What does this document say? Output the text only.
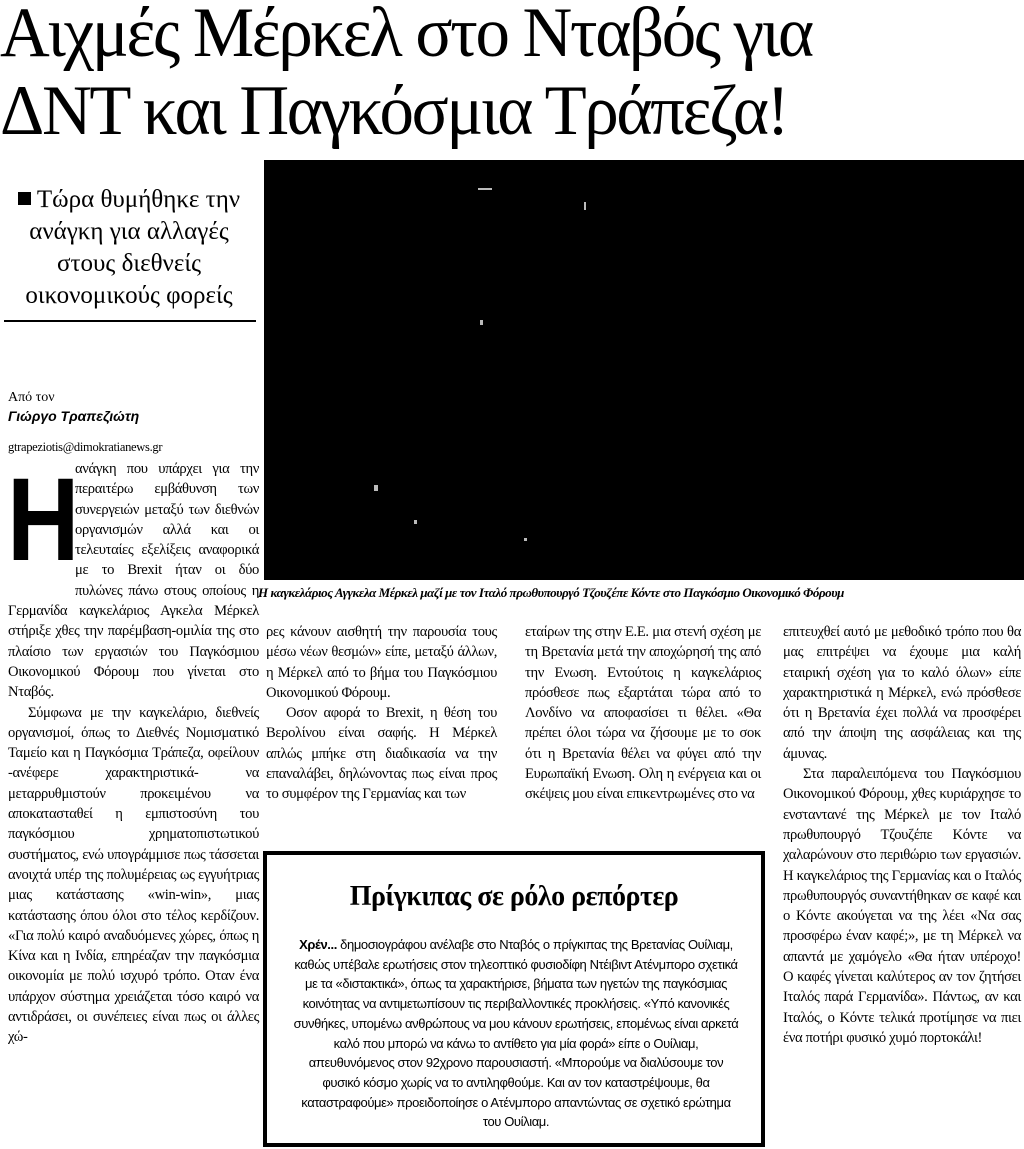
Αιχμές Μέρκελ στο Νταβός για
ΔΝΤ και Παγκόσμια Τράπεζα!
Τώρα θυμήθηκε την
ανάγκη για αλλαγές
στους διεθνείς
οικονομικούς φορείς
Από τον
Γιώργο Τραπεζιώτη
gtrapeziotis@dimokratianews.gr
Η καγκελάριος Αγγκελα Μέρκελ μαζί με τον Ιταλό πρωθυπουργό Τζουζέπε Κόντε στο Παγκόσμιο Οικονομικό Φόρουμ
Η

ανάγκη που υπάρχει για την περαιτέρω εμβάθυνση των συνεργειών μεταξύ των διεθνών οργανισμών αλλά και οι τελευταίες εξελίξεις αναφορικά με το Brexit ήταν οι δύο πυλώνες πάνω στους οποίους η Γερμανίδα καγκελάριος Αγκελα Μέρκελ στήριξε χθες την παρέμβαση-ομιλία της στο πλαίσιο των εργασιών του Παγκόσμιου Οικονομικού Φόρουμ που γίνεται στο Νταβός.

Σύμφωνα με την καγκελάριο, διεθνείς οργανισμοί, όπως το Διεθνές Νομισματικό Ταμείο και η Παγκόσμια Τράπεζα, οφείλουν -ανέφερε χαρακτηριστικά- να μεταρρυθμιστούν προκειμένου να αποκατασταθεί η εμπιστοσύνη του παγκόσμιου χρηματοπιστωτικού συστήματος, ενώ υπογράμμισε πως τάσσεται ανοιχτά υπέρ της πολυμέρειας ως εγγυήτριας μιας κατάστασης «win-win», μιας κατάστασης όπου όλοι στο τέλος κερδίζουν. «Για πολύ καιρό αναδυόμενες χώρες, όπως η Κίνα και η Ινδία, επηρέαζαν την παγκόσμια οικονομία με πολύ ισχυρό τρόπο. Οταν ένα υπάρχον σύστημα χρειάζεται τόσο καιρό να αντιδράσει, οι συνέπειες είναι πως οι άλλες χώ-

ρες κάνουν αισθητή την παρουσία τους μέσω νέων θεσμών» είπε, μεταξύ άλλων, η Μέρκελ από το βήμα του Παγκόσμιου Οικονομικού Φόρουμ.

Οσον αφορά το Brexit, η θέση του Βερολίνου είναι σαφής. Η Μέρκελ απλώς μπήκε στη διαδικασία να την επαναλάβει, δηλώνοντας πως είναι προς το συμφέρον της Γερμανίας και των

εταίρων της στην Ε.Ε. μια στενή σχέση με τη Βρετανία μετά την αποχώρησή της από την Ενωση. Εντούτοις η καγκελάριος πρόσθεσε πως εξαρτάται τώρα από το Λονδίνο να αποφασίσει τι θέλει. «Θα πρέπει όλοι τώρα να ζήσουμε με το σοκ ότι η Βρετανία θέλει να φύγει από την Ευρωπαϊκή Ενωση. Ολη η ενέργεια και οι σκέψεις μου είναι επικεντρωμένες στο να

επιτευχθεί αυτό με μεθοδικό τρόπο που θα μας επιτρέψει να έχουμε μια καλή εταιρική σχέση για το καλό όλων» είπε χαρακτηριστικά η Μέρκελ, ενώ πρόσθεσε ότι η Βρετανία έχει πολλά να προσφέρει από την άποψη της ασφάλειας και της άμυνας.

Στα παραλειπόμενα του Παγκόσμιου Οικονομικού Φόρουμ, χθες κυριάρχησε το ενσταντανέ της Μέρκελ με τον Ιταλό πρωθυπουργό Τζουζέπε Κόντε να χαλαρώνουν στο περιθώριο των εργασιών. Η καγκελάριος της Γερμανίας και ο Ιταλός πρωθυπουργός συναντήθηκαν σε καφέ και ο Κόντε ακούγεται να της λέει «Να σας προσφέρω έναν καφέ;», με τη Μέρκελ να απαντά με χαμόγελο «Θα ήταν υπέροχο! Ο καφές γίνεται καλύτερος αν τον ζητήσει Ιταλός παρά Γερμανίδα». Πάντως, αν και Ιταλός, ο Κόντε τελικά προτίμησε να πιει ένα ποτήρι φυσικό χυμό πορτοκάλι!

Πρίγκιπας σε ρόλο ρεπόρτερ
Χρέν... δημοσιογράφου ανέλαβε στο Νταβός ο πρίγκιπας της Βρετανίας Ουίλιαμ, καθώς υπέβαλε ερωτήσεις στον τηλεοπτικό φυσιοδίφη Ντέιβιντ Ατένμπορο σχετικά με τα «διστακτικά», όπως τα χαρακτήρισε, βήματα των ηγετών της παγκόσμιας κοινότητας να αντιμετωπίσουν τις περιβαλλοντικές προκλήσεις. «Υπό κανονικές συνθήκες, υπομένω ανθρώπους να μου κάνουν ερωτήσεις, επομένως είναι αρκετά καλό που μπορώ να κάνω το αντίθετο για μία φορά» είπε ο Ουίλιαμ, απευθυνόμενος στον 92χρονο παρουσιαστή. «Μπορούμε να διαλύσουμε τον φυσικό κόσμο χωρίς να το αντιληφθούμε. Και αν τον καταστρέψουμε, θα καταστραφούμε» προειδοποίησε ο Ατένμπορο απαντώντας σε σχετικό ερώτημα του Ουίλιαμ.
